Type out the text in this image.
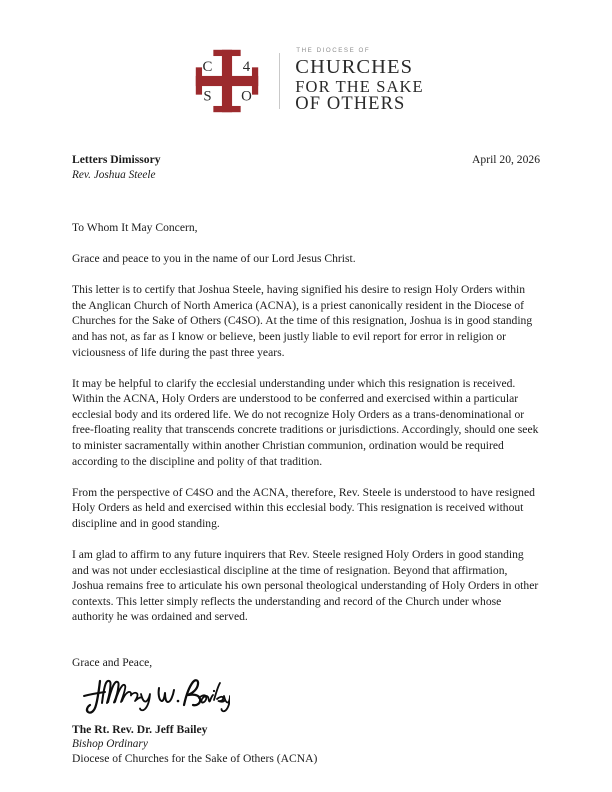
C 4
S O
THE DIOCESE OF
CHURCHES
FOR THE SAKE
OF OTHERS
Letters Dimissory
Rev. Joshua Steele
April 20, 2026
To Whom It May Concern,

Grace and peace to you in the name of our Lord Jesus Christ.

This letter is to certify that Joshua Steele, having signified his desire to resign Holy Orders within the Anglican Church of North America (ACNA), is a priest canonically resident in the Diocese of Churches for the Sake of Others (C4SO). At the time of this resignation, Joshua is in good standing and has not, as far as I know or believe, been justly liable to evil report for error in religion or viciousness of life during the past three years.

It may be helpful to clarify the ecclesial understanding under which this resignation is received. Within the ACNA, Holy Orders are understood to be conferred and exercised within a particular ecclesial body and its ordered life. We do not recognize Holy Orders as a trans-denominational or free-floating reality that transcends concrete traditions or jurisdictions. Accordingly, should one seek to minister sacramentally within another Christian communion, ordination would be required according to the discipline and polity of that tradition.

From the perspective of C4SO and the ACNA, therefore, Rev. Steele is understood to have resigned Holy Orders as held and exercised within this ecclesial body. This resignation is received without discipline and in good standing.

I am glad to affirm to any future inquirers that Rev. Steele resigned Holy Orders in good standing and was not under ecclesiastical discipline at the time of resignation. Beyond that affirmation, Joshua remains free to articulate his own personal theological understanding of Holy Orders in other contexts. This letter simply reflects the understanding and record of the Church under whose authority he was ordained and served.

Grace and Peace,
The Rt. Rev. Dr. Jeff Bailey
Bishop Ordinary
Diocese of Churches for the Sake of Others (ACNA)
